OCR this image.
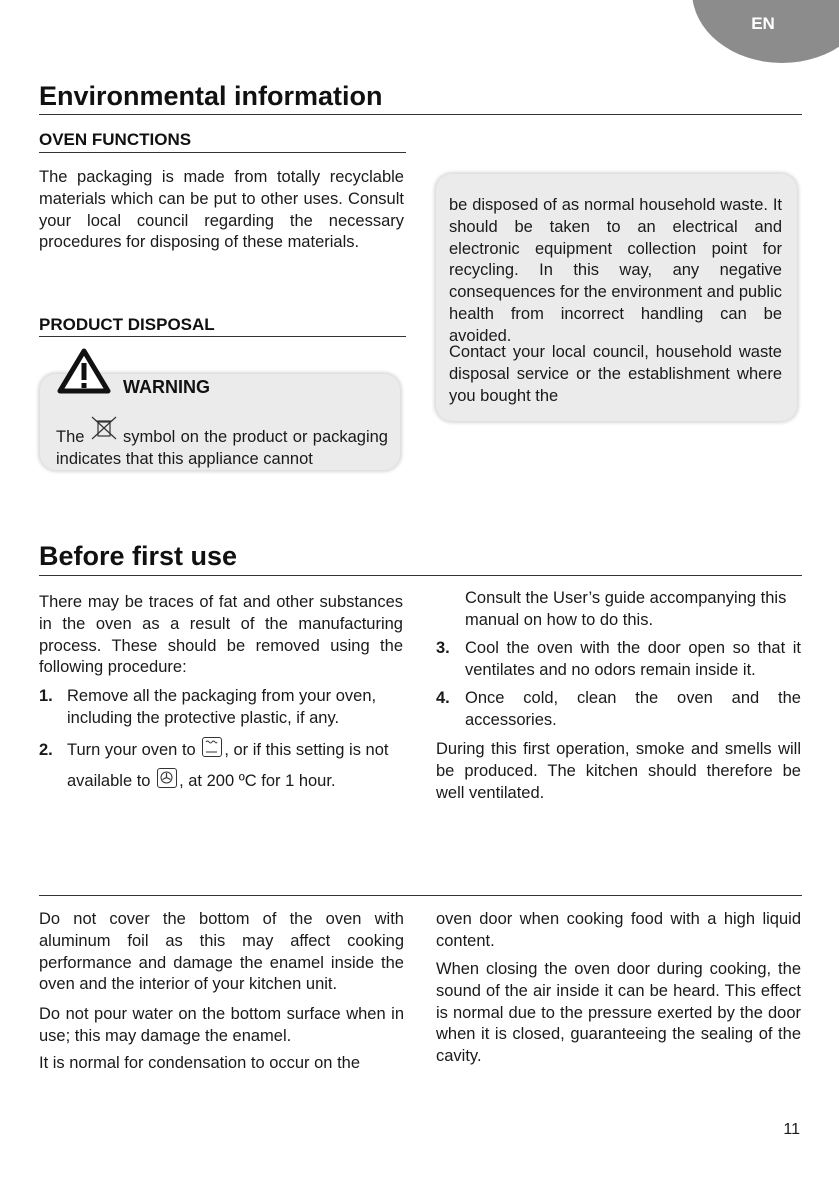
EN
Environmental information
OVEN FUNCTIONS

The packaging is made from totally recyclable materials which can be put to other uses. Consult your local council regarding the necessary procedures for disposing of these materials.

PRODUCT DISPOSAL
WARNING
The symbol on the product or packaging indicates that this appliance cannot

be disposed of as normal household waste. It should be taken to an electrical and electronic equipment collection point for recycling. In this way, any negative consequences for the environment and public health from incorrect handling can be avoided.

Contact your local council, household waste disposal service or the establishment where you bought the

Before first use

There may be traces of fat and other substances in the oven as a result of the manufacturing process. These should be removed using the following procedure:

1. Remove all the packaging from your oven, including the protective plastic, if any.
2. Turn your oven to , or if this setting is not available to , at 200 ºC for 1 hour.

Consult the User’s guide accompanying this manual on how to do this.

3. Cool the oven with the door open so that it ventilates and no odors remain inside it.
4. Once cold, clean the oven and the accessories.

During this first operation, smoke and smells will be produced. The kitchen should therefore be well ventilated.

Do not cover the bottom of the oven with aluminum foil as this may affect cooking performance and damage the enamel inside the oven and the interior of your kitchen unit.

Do not pour water on the bottom surface when in use; this may damage the enamel.

It is normal for condensation to occur on the

oven door when cooking food with a high liquid content.

When closing the oven door during cooking, the sound of the air inside it can be heard. This effect is normal due to the pressure exerted by the door when it is closed, guaranteeing the sealing of the cavity.

11
